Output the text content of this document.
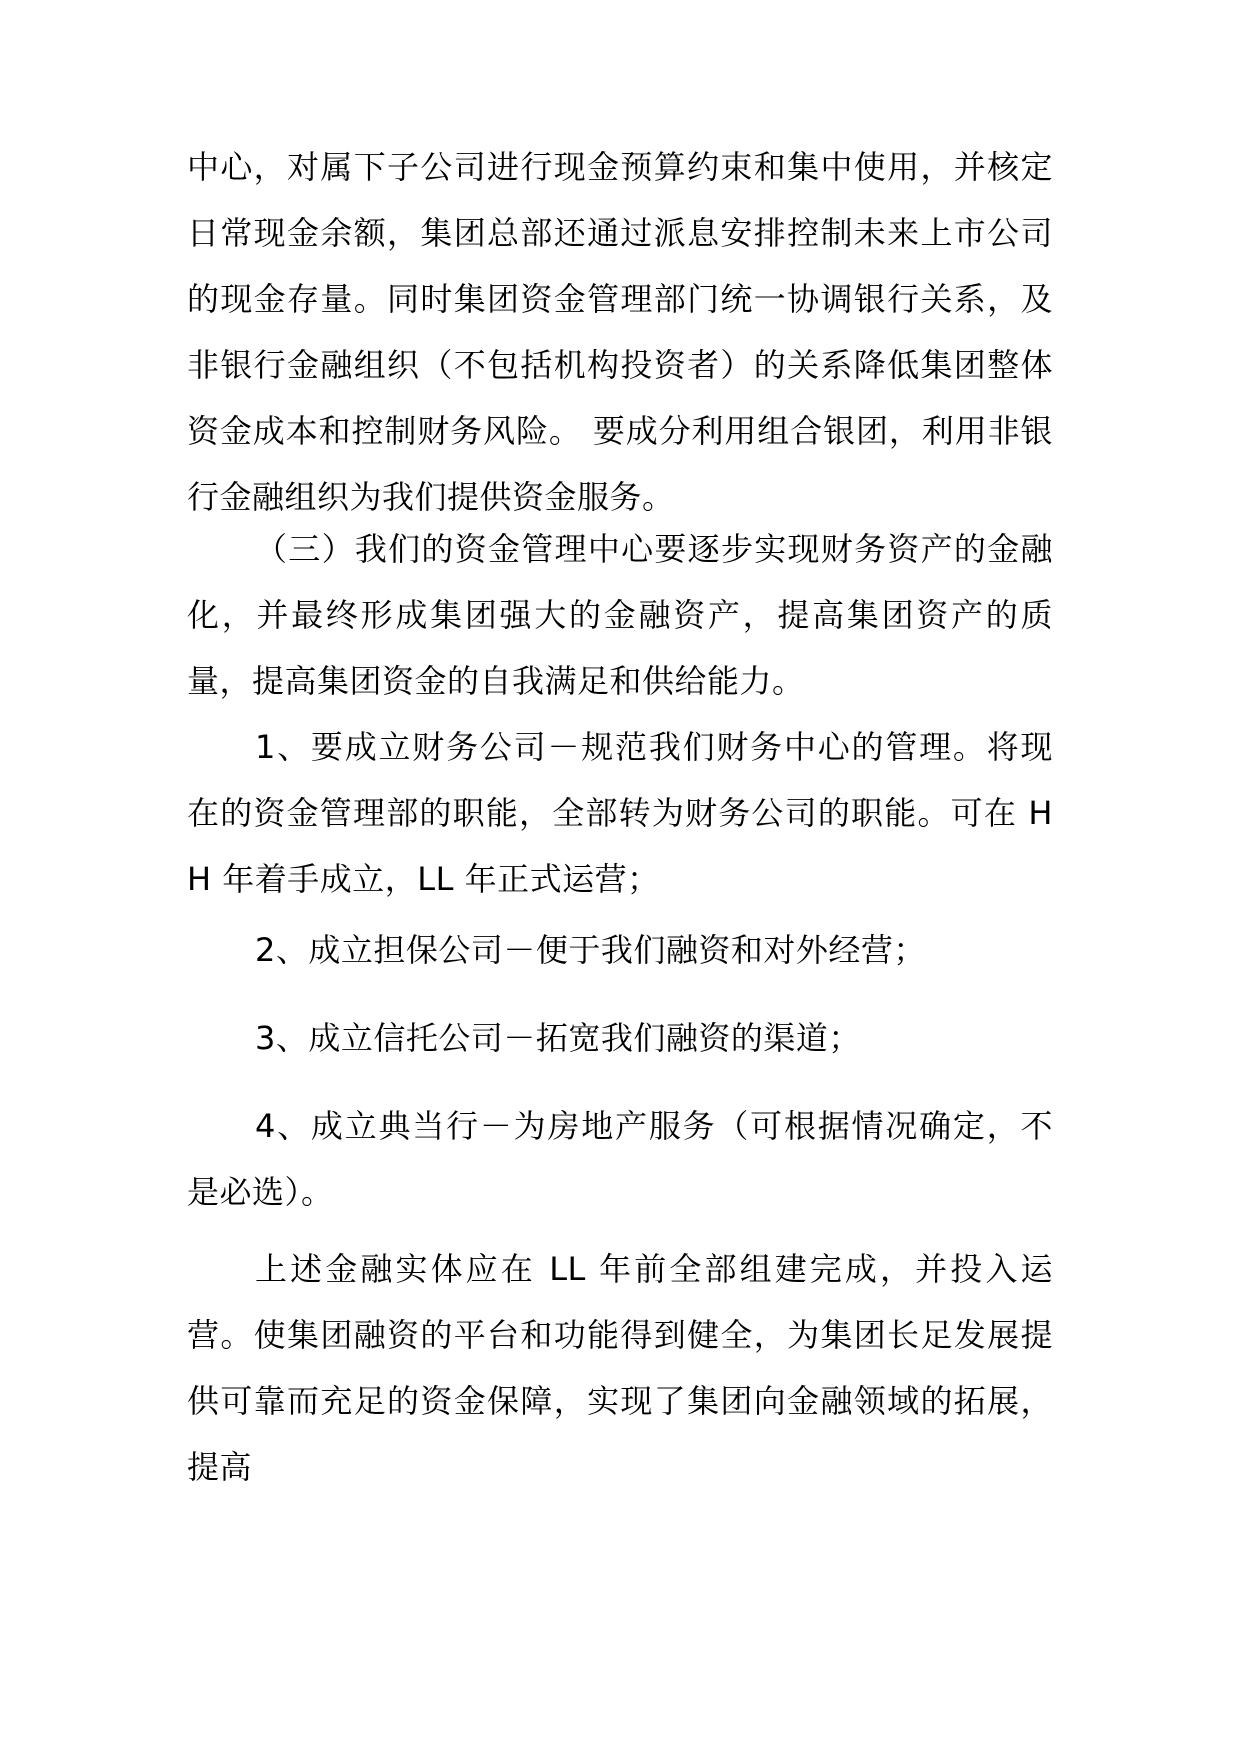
中心，对属下子公司进行现金预算约束和集中使用，并核定日常现金余额，集团总部还通过派息安排控制未来上市公司的现金存量。同时集团资金管理部门统一协调银行关系，及非银行金融组织（不包括机构投资者）的关系降低集团整体资金成本和控制财务风险。 要成分利用组合银团，利用非银行金融组织为我们提供资金服务。

（三）我们的资金管理中心要逐步实现财务资产的金融化，并最终形成集团强大的金融资产，提高集团资产的质量，提高集团资金的自我满足和供给能力。

1、要成立财务公司－规范我们财务中心的管理。将现在的资金管理部的职能，全部转为财务公司的职能。可在 HH 年着手成立，LL 年正式运营；

2、成立担保公司－便于我们融资和对外经营；

3、成立信托公司－拓宽我们融资的渠道；

4、成立典当行－为房地产服务（可根据情况确定，不是必选）。

上述金融实体应在 LL 年前全部组建完成，并投入运营。使集团融资的平台和功能得到健全，为集团长足发展提供可靠而充足的资金保障，实现了集团向金融领域的拓展，提高
